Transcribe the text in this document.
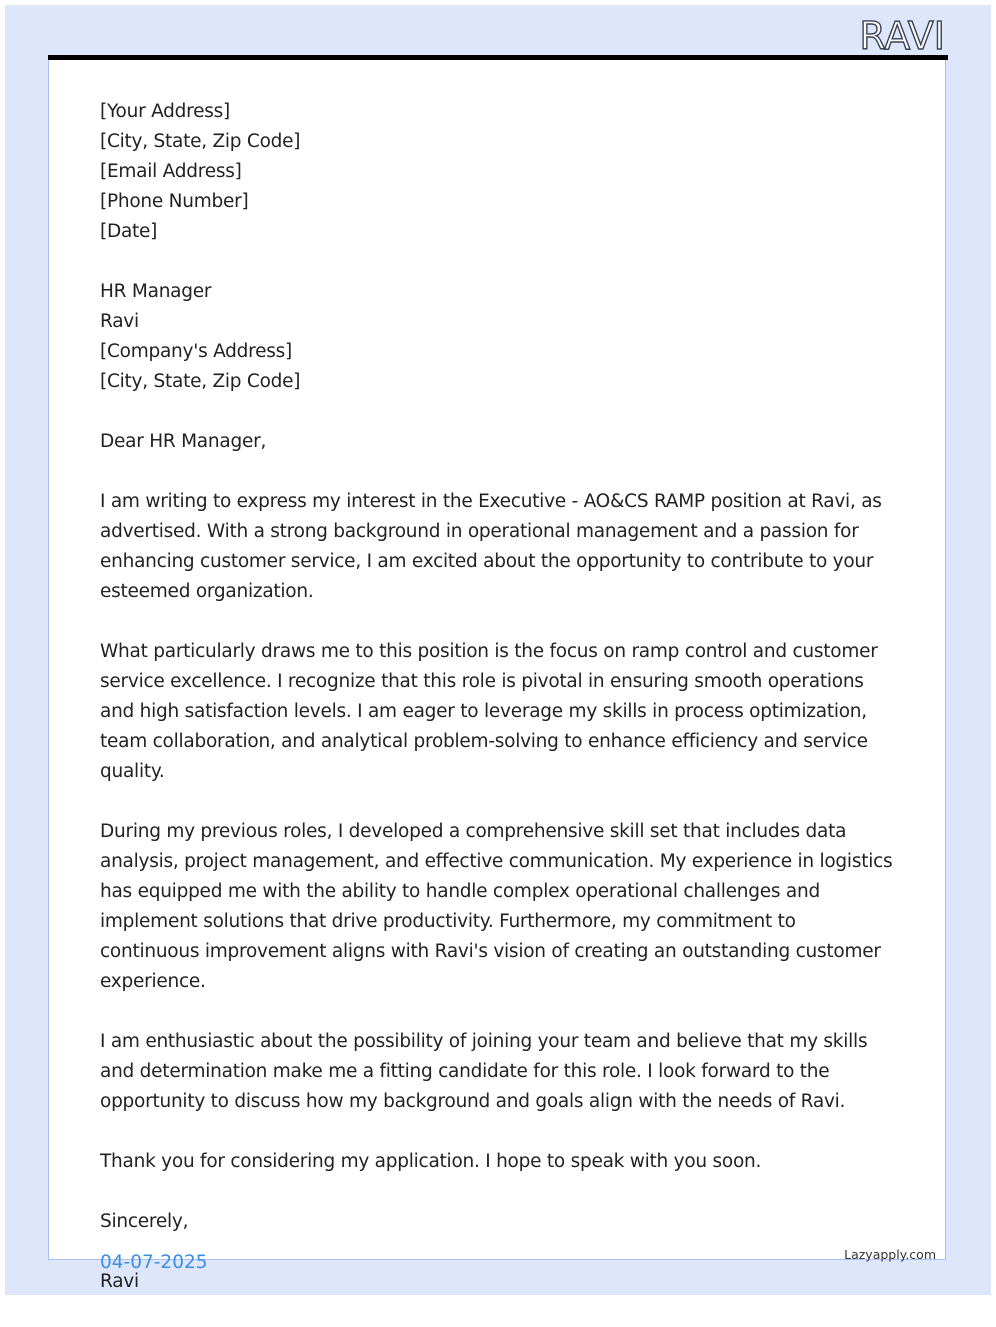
RAVI
[Your Address]
[City, State, Zip Code]
[Email Address]
[Phone Number]
[Date]
HR Manager
Ravi
[Company's Address]
[City, State, Zip Code]

Dear HR Manager,

I am writing to express my interest in the Executive - AO&CS RAMP position at Ravi, as advertised. With a strong background in operational management and a passion for enhancing customer service, I am excited about the opportunity to contribute to your esteemed organization.

What particularly draws me to this position is the focus on ramp control and customer service excellence. I recognize that this role is pivotal in ensuring smooth operations and high satisfaction levels. I am eager to leverage my skills in process optimization, team collaboration, and analytical problem-solving to enhance efficiency and service quality.

During my previous roles, I developed a comprehensive skill set that includes data analysis, project management, and effective communication. My experience in logistics has equipped me with the ability to handle complex operational challenges and implement solutions that drive productivity. Furthermore, my commitment to continuous improvement aligns with Ravi's vision of creating an outstanding customer experience.

I am enthusiastic about the possibility of joining your team and believe that my skills and determination make me a fitting candidate for this role. I look forward to the opportunity to discuss how my background and goals align with the needs of Ravi.

Thank you for considering my application. I hope to speak with you soon.

Sincerely,

Ravi

04-07-2025	Lazyapply.com
